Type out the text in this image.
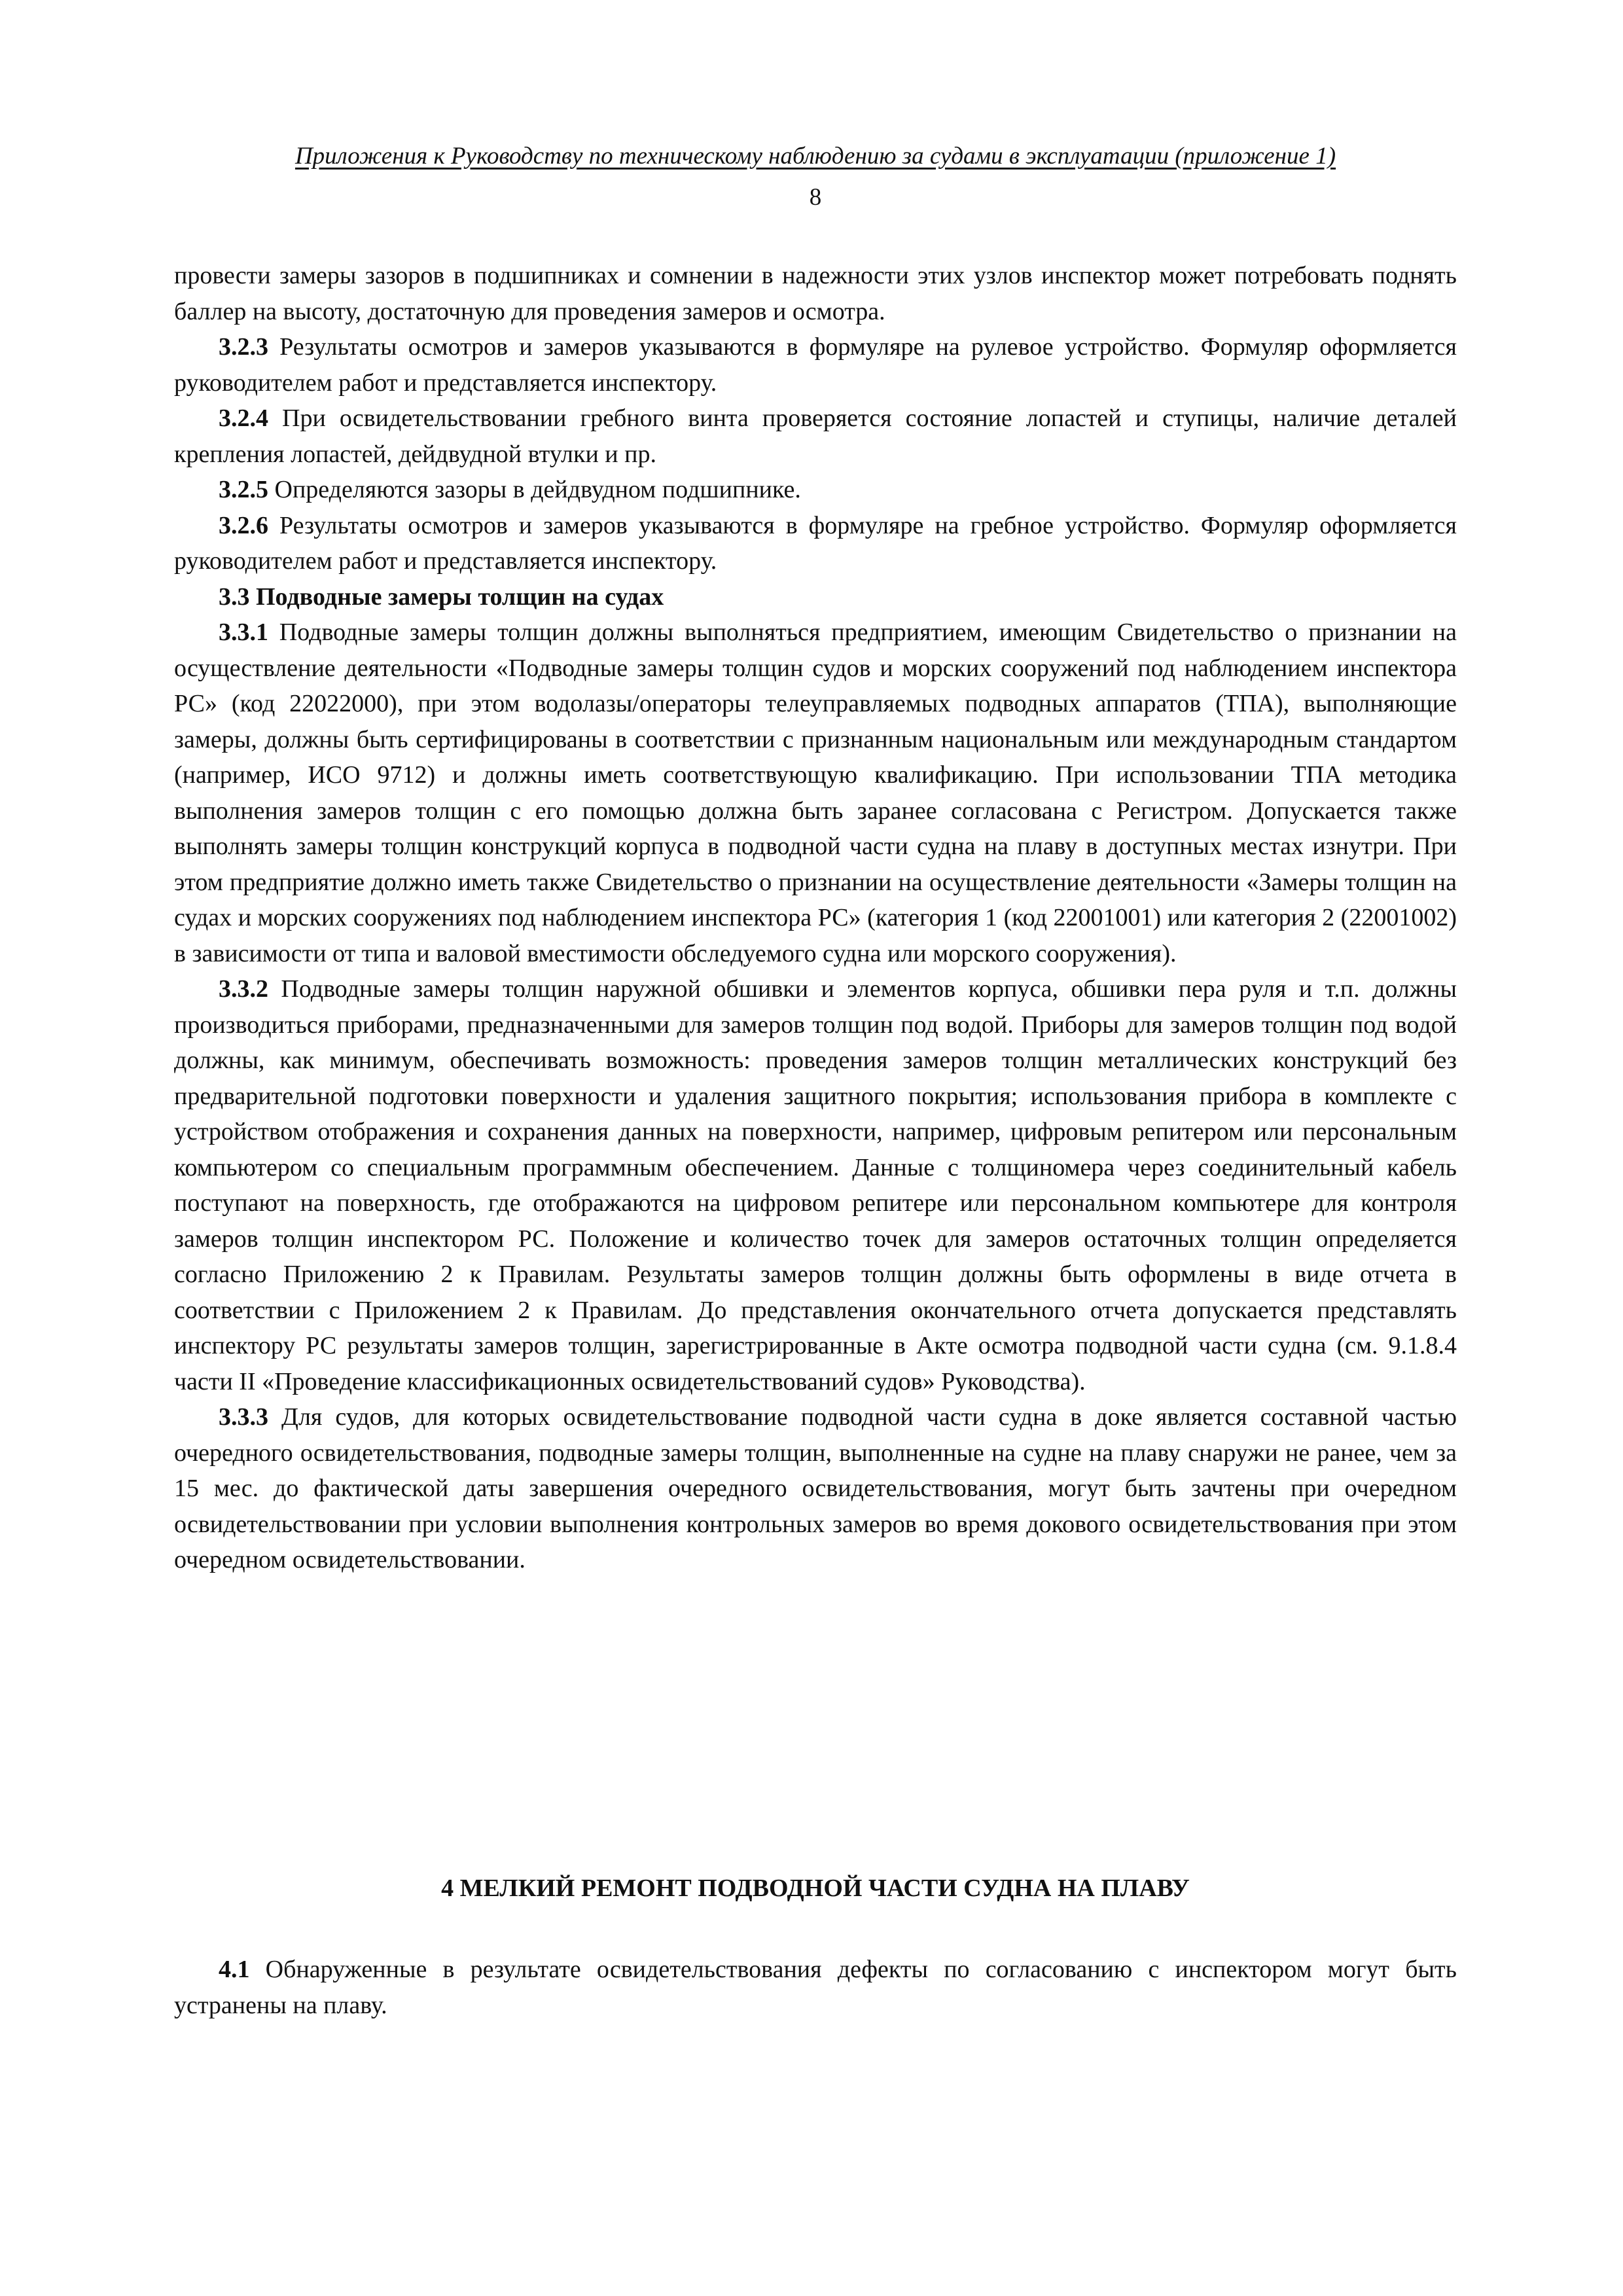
Приложения к Руководству по техническому наблюдению за судами в эксплуатации (приложение 1)
8

провести замеры зазоров в подшипниках и сомнении в надежности этих узлов инспектор может потребовать поднять баллер на высоту, достаточную для проведения замеров и осмотра.

3.2.3 Результаты осмотров и замеров указываются в формуляре на рулевое устройство. Формуляр оформляется руководителем работ и представляется инспектору.

3.2.4 При освидетельствовании гребного винта проверяется состояние лопастей и ступицы, наличие деталей крепления лопастей, дейдвудной втулки и пр.

3.2.5 Определяются зазоры в дейдвудном подшипнике.

3.2.6 Результаты осмотров и замеров указываются в формуляре на гребное устройство. Формуляр оформляется руководителем работ и представляется инспектору.

3.3 Подводные замеры толщин на судах

3.3.1 Подводные замеры толщин должны выполняться предприятием, имеющим Свидетельство о признании на осуществление деятельности «Подводные замеры толщин судов и морских сооружений под наблюдением инспектора РС» (код 22022000), при этом водолазы/операторы телеуправляемых подводных аппаратов (ТПА), выполняющие замеры, должны быть сертифицированы в соответствии с признанным национальным или международным стандартом (например, ИСО 9712) и должны иметь соответствующую квалификацию. При использовании ТПА методика выполнения замеров толщин с его помощью должна быть заранее согласована с Регистром. Допускается также выполнять замеры толщин конструкций корпуса в подводной части судна на плаву в доступных местах изнутри. При этом предприятие должно иметь также Свидетельство о признании на осуществление деятельности «Замеры толщин на судах и морских сооружениях под наблюдением инспектора РС» (категория 1 (код 22001001) или категория 2 (22001002) в зависимости от типа и валовой вместимости обследуемого судна или морского сооружения).

3.3.2 Подводные замеры толщин наружной обшивки и элементов корпуса, обшивки пера руля и т.п. должны производиться приборами, предназначенными для замеров толщин под водой. Приборы для замеров толщин под водой должны, как минимум, обеспечивать возможность: проведения замеров толщин металлических конструкций без предварительной подготовки поверхности и удаления защитного покрытия; использования прибора в комплекте с устройством отображения и сохранения данных на поверхности, например, цифровым репитером или персональным компьютером со специальным программным обеспечением. Данные с толщиномера через соединительный кабель поступают на поверхность, где отображаются на цифровом репитере или персональном компьютере для контроля замеров толщин инспектором РС. Положение и количество точек для замеров остаточных толщин определяется согласно Приложению 2 к Правилам. Результаты замеров толщин должны быть оформлены в виде отчета в соответствии с Приложением 2 к Правилам. До представления окончательного отчета допускается представлять инспектору РС результаты замеров толщин, зарегистрированные в Акте осмотра подводной части судна (см. 9.1.8.4 части II «Проведение классификационных освидетельствований судов» Руководства).

3.3.3 Для судов, для которых освидетельствование подводной части судна в доке является составной частью очередного освидетельствования, подводные замеры толщин, выполненные на судне на плаву снаружи не ранее, чем за 15 мес. до фактической даты завершения очередного освидетельствования, могут быть зачтены при очередном освидетельствовании при условии выполнения контрольных замеров во время докового освидетельствования при этом очередном освидетельствовании.

4 МЕЛКИЙ РЕМОНТ ПОДВОДНОЙ ЧАСТИ СУДНА НА ПЛАВУ

4.1 Обнаруженные в результате освидетельствования дефекты по согласованию с инспектором могут быть устранены на плаву.
